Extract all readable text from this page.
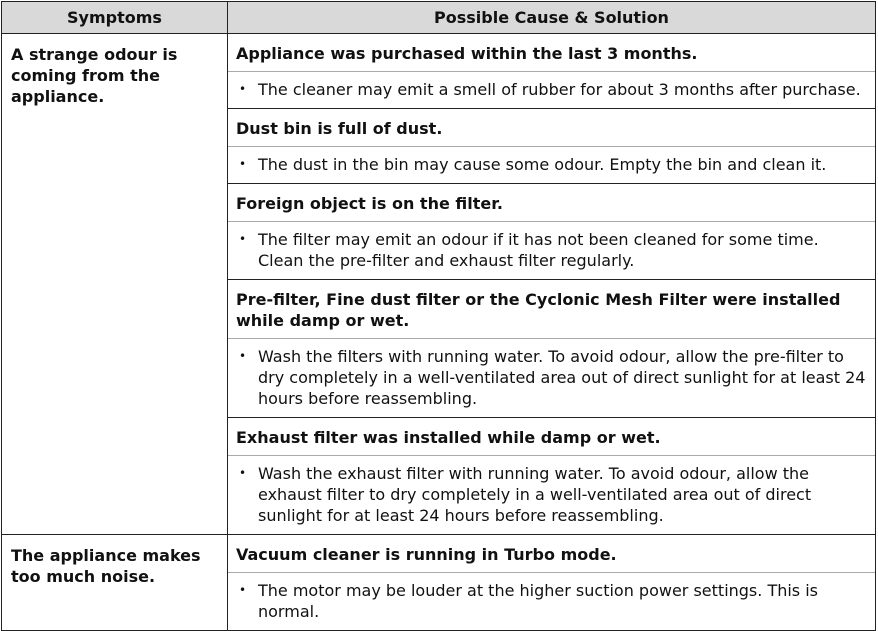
Symptoms	Possible Cause & Solution
A strange odour is coming from the appliance.	Appliance was purchased within the last 3 months.
• The cleaner may emit a smell of rubber for about 3 months after purchase.

	Dust bin is full of dust.
• The dust in the bin may cause some odour. Empty the bin and clean it.

	Foreign object is on the filter.
• The filter may emit an odour if it has not been cleaned for some time. Clean the pre-filter and exhaust filter regularly.

	Pre-filter, Fine dust filter or the Cyclonic Mesh Filter were installed while damp or wet.
• Wash the filters with running water. To avoid odour, allow the pre-filter to dry completely in a well-ventilated area out of direct sunlight for at least 24 hours before reassembling.

	Exhaust filter was installed while damp or wet.
• Wash the exhaust filter with running water. To avoid odour, allow the exhaust filter to dry completely in a well-ventilated area out of direct sunlight for at least 24 hours before reassembling.

The appliance makes too much noise.	Vacuum cleaner is running in Turbo mode.
• The motor may be louder at the higher suction power settings. This is normal.
